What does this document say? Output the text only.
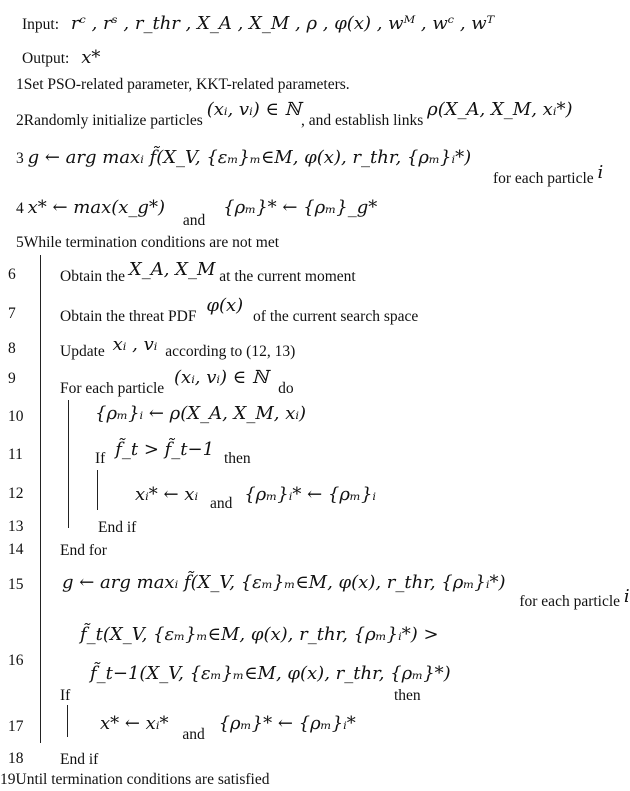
Input: rᶜ , rˢ , r_thr , X_A , X_M , ρ , φ(x) , wᴹ , wᶜ , wᵀ
Output: x*
1Set PSO-related parameter, KKT-related parameters.
2Randomly initialize particles (xᵢ, vᵢ) ∈ ℕ, and establish links ρ(X_A, X_M, xᵢ*)
3 g ← arg maxᵢ f̃(X_V, {εₘ}ₘ∈M, φ(x), r_thr, {ρₘ}ᵢ*) for each particle i
4 x* ← max(x_g*) and {ρₘ}* ← {ρₘ}_g*
5While termination conditions are not met
6	Obtain the X_A, X_M at the current moment
7	Obtain the threat PDF φ(x) of the current search space
8	Update xᵢ , vᵢ according to (12, 13)
9
For each particle (xᵢ, vᵢ) ∈ ℕ do
10	{ρₘ}ᵢ ← ρ(X_A, X_M, xᵢ)
11	If f̃_t > f̃_t−1 then
12	xᵢ* ← xᵢ and {ρₘ}ᵢ* ← {ρₘ}ᵢ
13	End if
14 End for
15 g ← arg maxᵢ f̃(X_V, {εₘ}ₘ∈M, φ(x), r_thr, {ρₘ}ᵢ*) for each particle i
16
f̃_t(X_V, {εₘ}ₘ∈M, φ(x), r_thr, {ρₘ}ᵢ*) >
f̃_t−1(X_V, {εₘ}ₘ∈M, φ(x), r_thr, {ρₘ}*)
If	then
17	x* ← xᵢ* and {ρₘ}* ← {ρₘ}ᵢ*
18 End if
19Until termination conditions are satisfied
